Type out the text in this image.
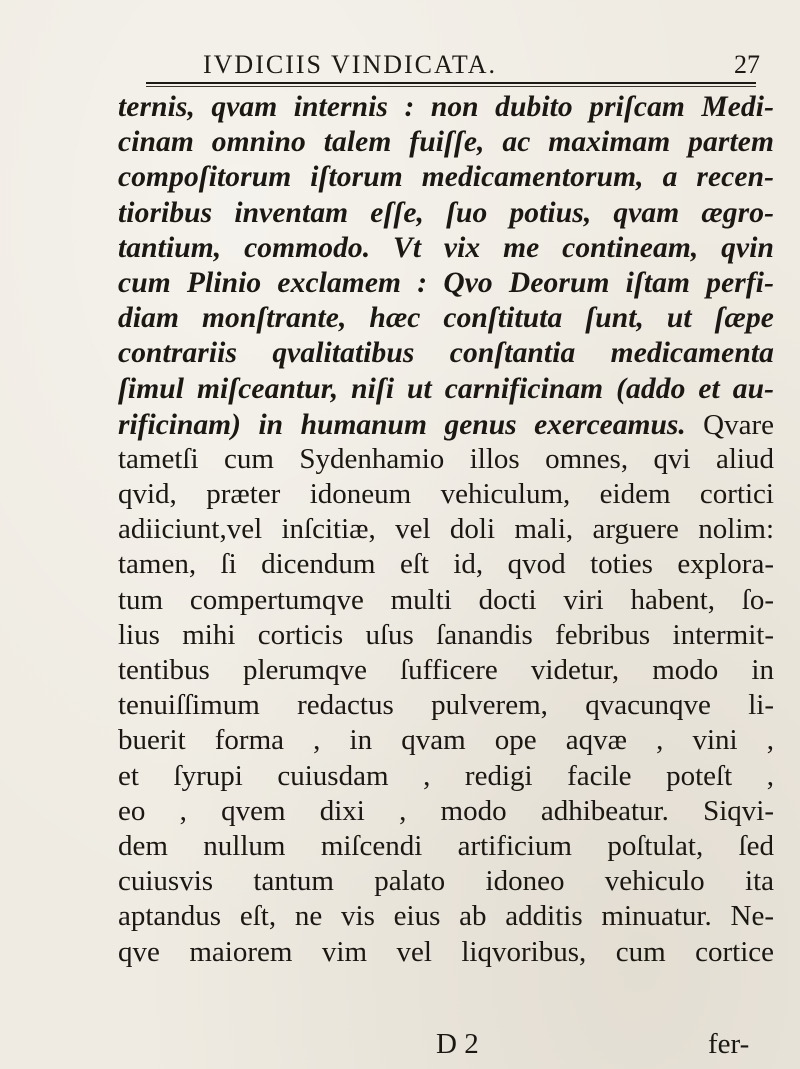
IVDICIIS VINDICATA.	27
ternis, qvam internis : non dubito priſcam Medi-
cinam omnino talem fuiſſe, ac maximam partem
compoſitorum iſtorum medicamentorum, a recen-
tioribus inventam eſſe, ſuo potius, qvam ægro-
tantium, commodo. Vt vix me contineam, qvin
cum Plinio exclamem : Qvo Deorum iſtam perfi-
diam monſtrante, hæc conſtituta ſunt, ut ſæpe
contrariis qvalitatibus conſtantia medicamenta
ſimul miſceantur, niſi ut carnificinam (addo et au-
rificinam) in humanum genus exerceamus. Qvare
tametſi cum Sydenhamio illos omnes, qvi aliud
qvid, præter idoneum vehiculum, eidem cortici
adiiciunt,vel inſcitiæ, vel doli mali, arguere nolim:
tamen, ſi dicendum eſt id, qvod toties explora-
tum compertumqve multi docti viri habent, ſo-
lius mihi corticis uſus ſanandis febribus intermit-
tentibus plerumqve ſufficere videtur, modo in
tenuiſſimum redactus pulverem, qvacunqve li-
buerit forma , in qvam ope aqvæ , vini ,
et ſyrupi cuiusdam , redigi facile poteſt ,
eo , qvem dixi , modo adhibeatur. Siqvi-
dem nullum miſcendi artificium poſtulat, ſed
cuiusvis tantum palato idoneo vehiculo ita
aptandus eſt, ne vis eius ab additis minuatur. Ne-
qve maiorem vim vel liqvoribus, cum cortice
D 2	fer-
